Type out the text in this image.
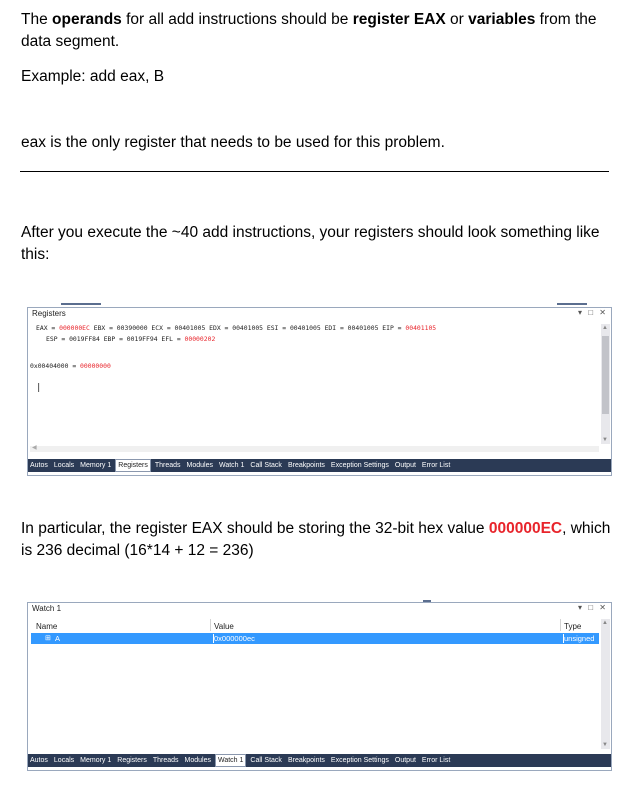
The operands for all add instructions should be register EAX or variables from the data segment.
Example: add eax, B
eax is the only register that needs to be used for this problem.
After you execute the ~40 add instructions, your registers should look something like this:
Registers	▾ □ ✕
EAX = 000000EC EBX = 00390000 ECX = 00401005 EDX = 00401005 ESI = 00401005 EDI = 00401005 EIP = 00401105
ESP = 0019FF84 EBP = 0019FF94 EFL = 00000202
0x00404000 = 00000000
|
▲
▼
◀
Autos Locals Memory 1 Registers Threads Modules Watch 1 Call Stack Breakpoints Exception Settings Output Error List
In particular, the register EAX should be storing the 32-bit hex value 000000EC, which is 236 decimal (16*14 + 12 = 236)
Watch 1	▾ □ ✕
Name	Value	Type
⊞ A	0x000000ec	unsigned
▲
▼
Autos Locals Memory 1 Registers Threads Modules Watch 1 Call Stack Breakpoints Exception Settings Output Error List
